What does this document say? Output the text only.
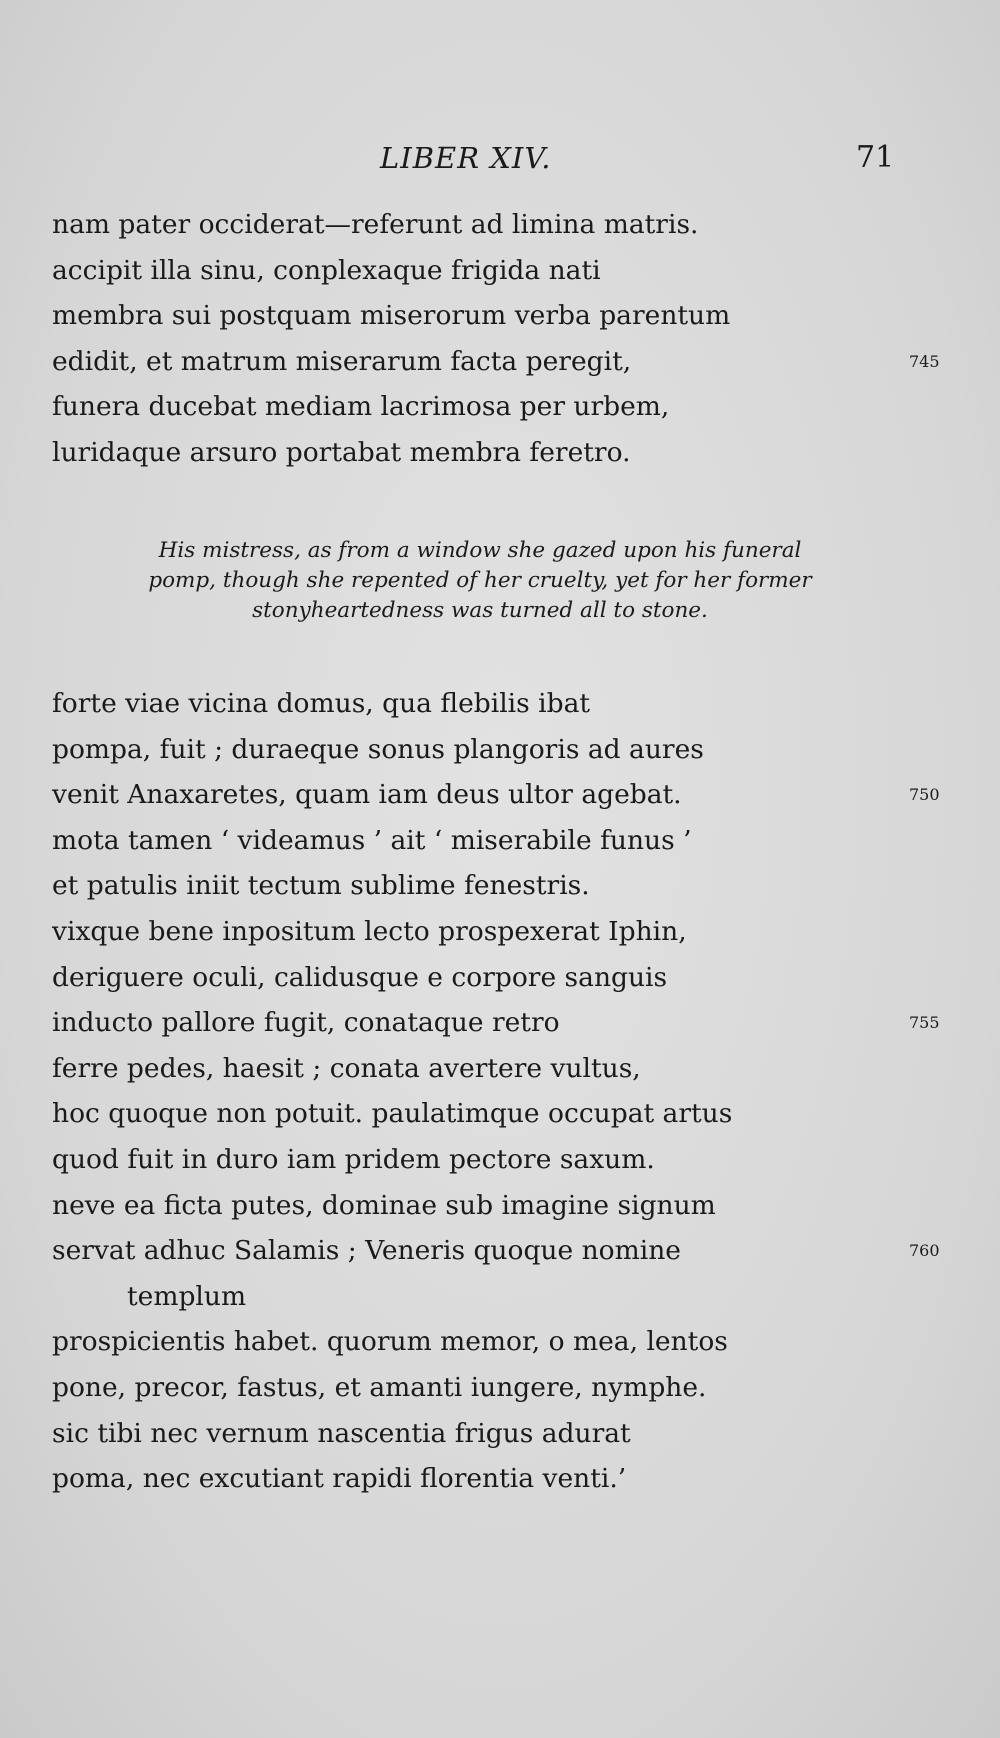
LIBER XIV.	71
nam pater occiderat—referunt ad limina matris.
accipit illa sinu, conplexaque frigida nati
membra sui postquam miserorum verba parentum
edidit, et matrum miserarum facta peregit,	745
funera ducebat mediam lacrimosa per urbem,
luridaque arsuro portabat membra feretro.
His mistress, as from a window she gazed upon his funeral
pomp, though she repented of her cruelty, yet for her former
stonyheartedness was turned all to stone.
forte viae vicina domus, qua flebilis ibat
pompa, fuit ; duraeque sonus plangoris ad aures
venit Anaxaretes, quam iam deus ultor agebat.	750
mota tamen ‘ videamus ’ ait ‘ miserabile funus ’
et patulis iniit tectum sublime fenestris.
vixque bene inpositum lecto prospexerat Iphin,
deriguere oculi, calidusque e corpore sanguis
inducto pallore fugit, conataque retro	755
ferre pedes, haesit ; conata avertere vultus,
hoc quoque non potuit. paulatimque occupat artus
quod fuit in duro iam pridem pectore saxum.
neve ea ficta putes, dominae sub imagine signum
servat adhuc Salamis ; Veneris quoque nomine	760
templum
prospicientis habet. quorum memor, o mea, lentos
pone, precor, fastus, et amanti iungere, nymphe.
sic tibi nec vernum nascentia frigus adurat
poma, nec excutiant rapidi florentia venti.’
